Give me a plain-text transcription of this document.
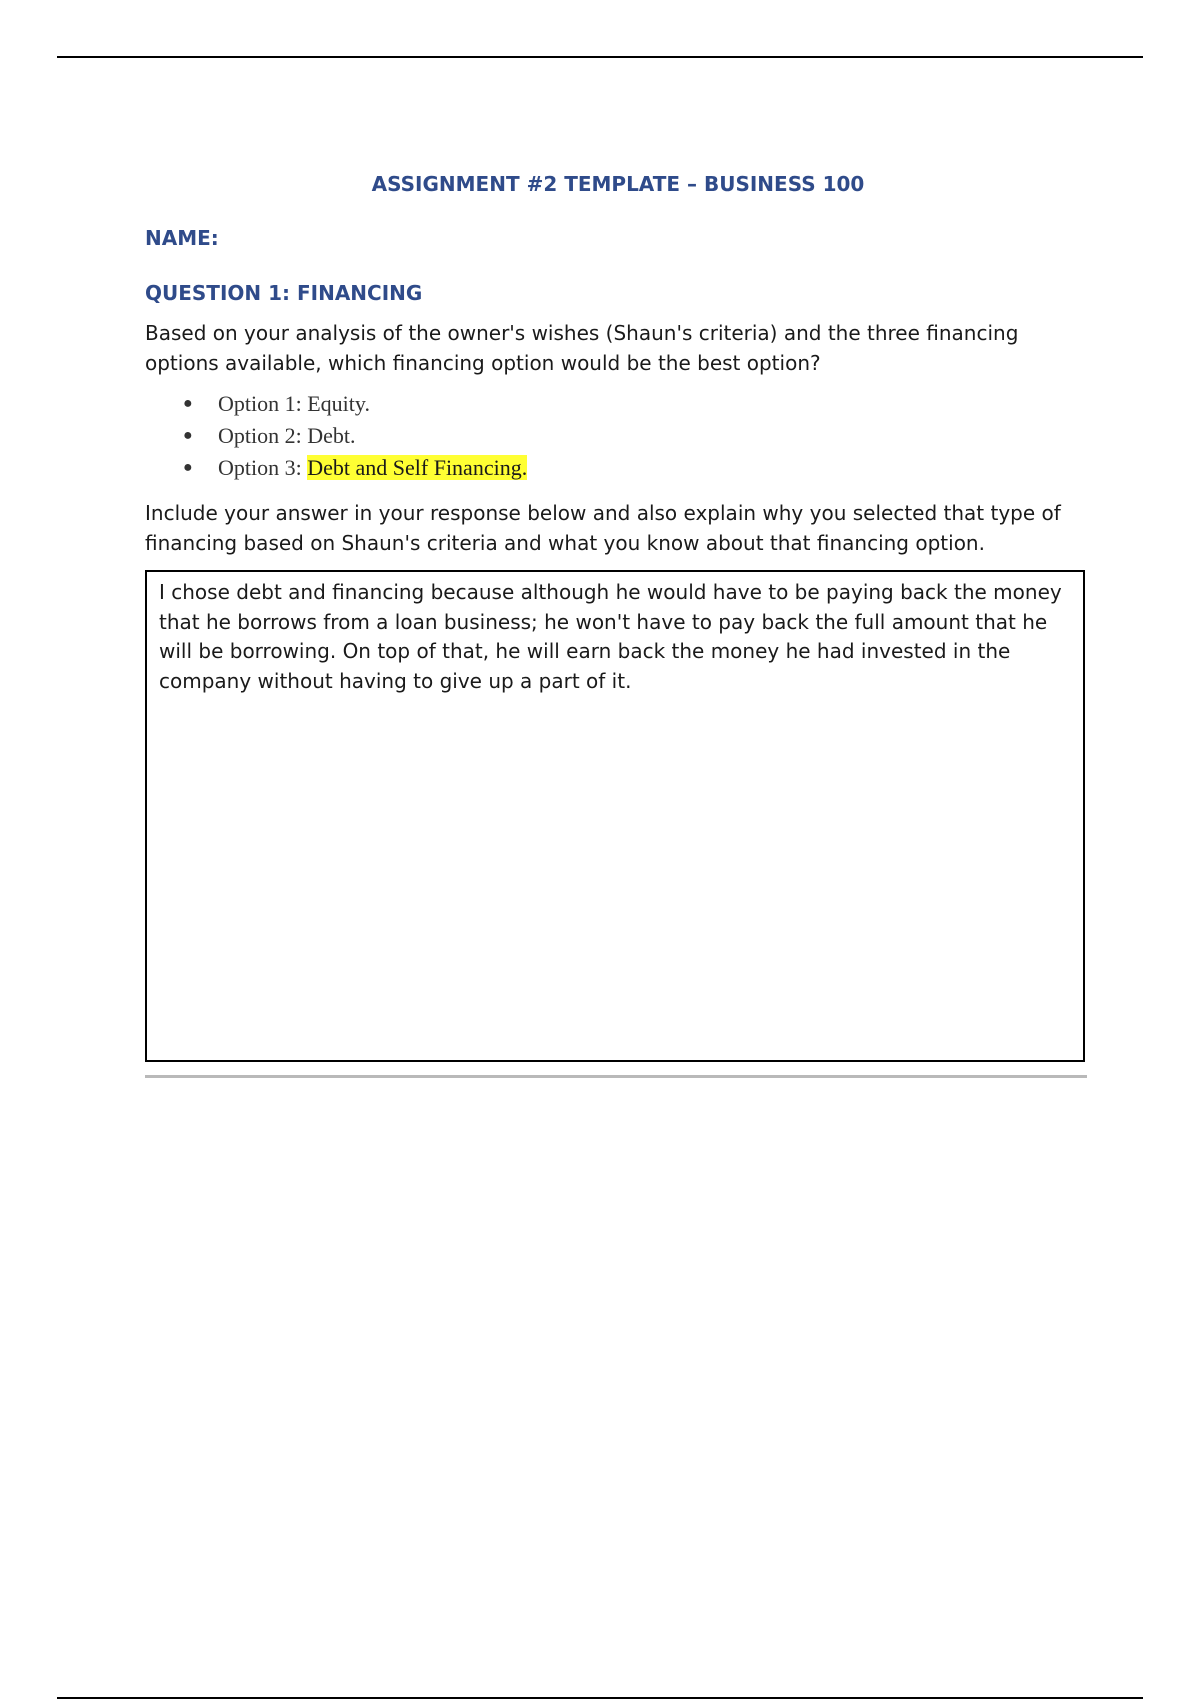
ASSIGNMENT #2 TEMPLATE – BUSINESS 100
NAME:
QUESTION 1: FINANCING
Based on your analysis of the owner's wishes (Shaun's criteria) and the three financing options available, which financing option would be the best option?
● Option 1: Equity.
● Option 2: Debt.
● Option 3: Debt and Self Financing.
Include your answer in your response below and also explain why you selected that type of financing based on Shaun's criteria and what you know about that financing option.
I chose debt and financing because although he would have to be paying back the money that he borrows from a loan business; he won't have to pay back the full amount that he will be borrowing. On top of that, he will earn back the money he had invested in the company without having to give up a part of it.
